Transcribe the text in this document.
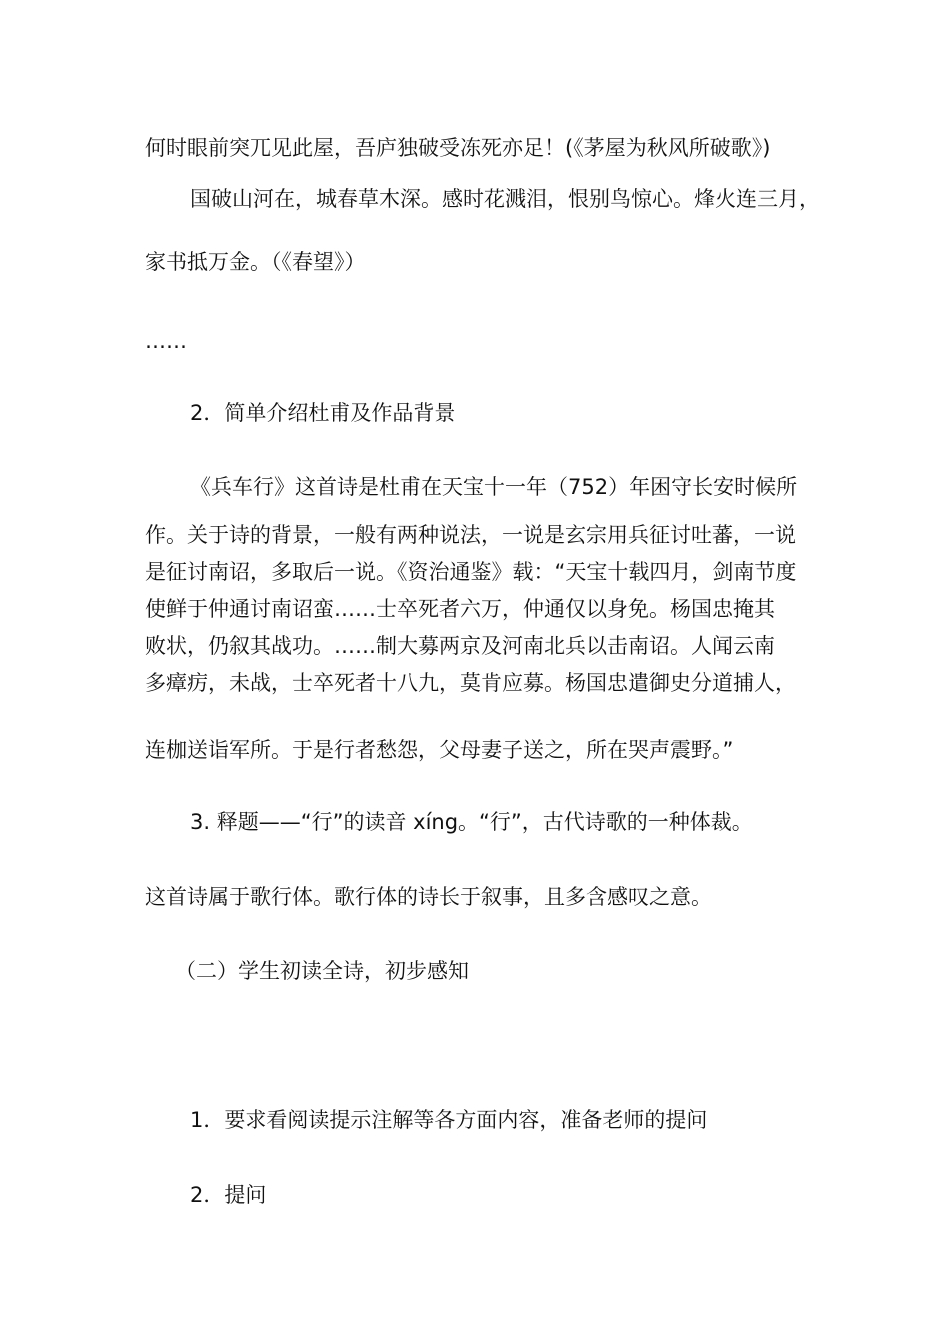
何时眼前突兀见此屋，吾庐独破受冻死亦足！(《茅屋为秋风所破歌》)
国破山河在，城春草木深。感时花溅泪，恨别鸟惊心。烽火连三月，
家书抵万金。（《春望》）
……
2．简单介绍杜甫及作品背景
《兵车行》这首诗是杜甫在天宝十一年（752）年困守长安时候所
作。关于诗的背景，一般有两种说法，一说是玄宗用兵征讨吐蕃，一说
是征讨南诏，多取后一说。《资治通鉴》载：“天宝十载四月，剑南节度
使鲜于仲通讨南诏蛮……士卒死者六万，仲通仅以身免。杨国忠掩其
败状，仍叙其战功。……制大募两京及河南北兵以击南诏。人闻云南
多瘴疠，未战，士卒死者十八九，莫肯应募。杨国忠遣御史分道捕人，
连枷送诣军所。于是行者愁怨，父母妻子送之，所在哭声震野。”
3. 释题——“行”的读音 xíng。“行”，古代诗歌的一种体裁。
这首诗属于歌行体。歌行体的诗长于叙事，且多含感叹之意。
（二）学生初读全诗，初步感知
1．要求看阅读提示注解等各方面内容，准备老师的提问
2．提问
